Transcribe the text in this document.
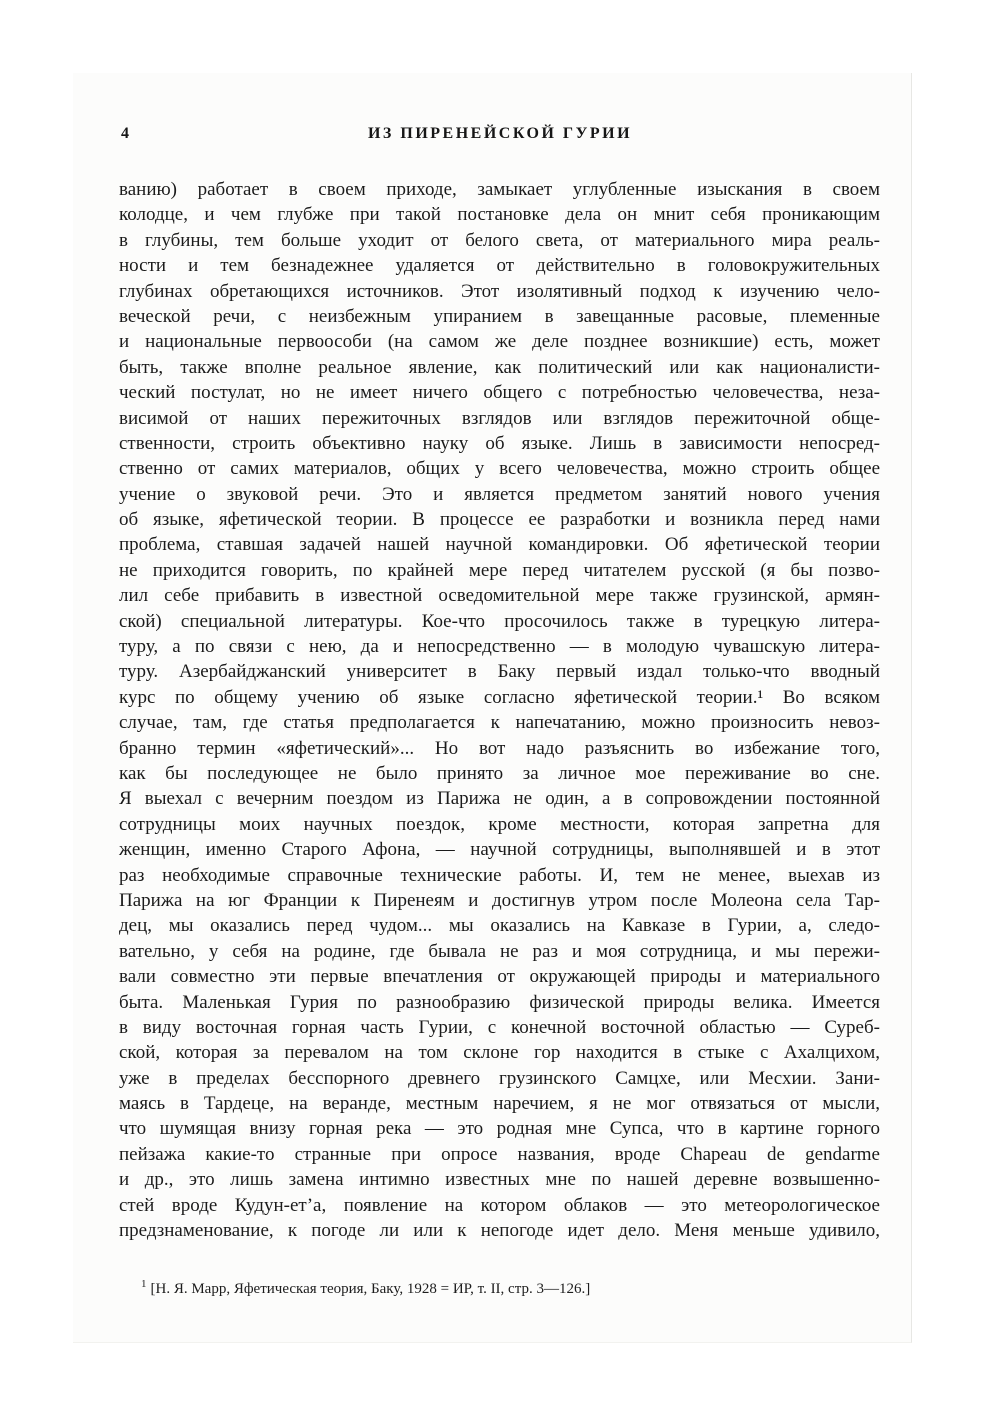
4	ИЗ ПИРЕНЕЙСКОЙ ГУРИИ
ванию) работает в своем приходе, замыкает углубленные изыскания в своем
колодце, и чем глубже при такой постановке дела он мнит себя проникающим
в глубины, тем больше уходит от белого света, от материального мира реаль-
ности и тем безнадежнее удаляется от действительно в головокружительных
глубинах обретающихся источников. Этот изолятивный подход к изучению чело-
веческой речи, с неизбежным упиранием в завещанные расовые, племенные
и национальные первоособи (на самом же деле позднее возникшие) есть, может
быть, также вполне реальное явление, как политический или как националисти-
ческий постулат, но не имеет ничего общего с потребностью человечества, неза-
висимой от наших пережиточных взглядов или взглядов пережиточной обще-
ственности, строить объективно науку об языке. Лишь в зависимости непосред-
ственно от самих материалов, общих у всего человечества, можно строить общее
учение о звуковой речи. Это и является предметом занятий нового учения
об языке, яфетической теории. В процессе ее разработки и возникла перед нами
проблема, ставшая задачей нашей научной командировки. Об яфетической теории
не приходится говорить, по крайней мере перед читателем русской (я бы позво-
лил себе прибавить в известной осведомительной мере также грузинской, армян-
ской) специальной литературы. Кое-что просочилось также в турецкую литера-
туру, а по связи с нею, да и непосредственно — в молодую чувашскую литера-
туру. Азербайджанский университет в Баку первый издал только-что вводный
курс по общему учению об языке согласно яфетической теории.¹ Во всяком
случае, там, где статья предполагается к напечатанию, можно произносить невоз-
бранно термин «яфетический»... Но вот надо разъяснить во избежание того,
как бы последующее не было принято за личное мое переживание во сне.
Я выехал с вечерним поездом из Парижа не один, а в сопровождении постоянной
сотрудницы моих научных поездок, кроме местности, которая запретна для
женщин, именно Старого Афона, — научной сотрудницы, выполнявшей и в этот
раз необходимые справочные технические работы. И, тем не менее, выехав из
Парижа на юг Франции к Пиренеям и достигнув утром после Молеона села Тар-
дец, мы оказались перед чудом... мы оказались на Кавказе в Гурии, а, следо-
вательно, у себя на родине, где бывала не раз и моя сотрудница, и мы пережи-
вали совместно эти первые впечатления от окружающей природы и материального
быта. Маленькая Гурия по разнообразию физической природы велика. Имеется
в виду восточная горная часть Гурии, с конечной восточной областью — Суреб-
ской, которая за перевалом на том склоне гор находится в стыке с Ахалцихом,
уже в пределах бесспорного древнего грузинского Самцхе, или Месхии. Зани-
маясь в Тардеце, на веранде, местным наречием, я не мог отвязаться от мысли,
что шумящая внизу горная река — это родная мне Супса, что в картине горного
пейзажа какие-то странные при опросе названия, вроде Chapeau de gendarme
и др., это лишь замена интимно известных мне по нашей деревне возвышенно-
стей вроде Кудун-ет’а, появление на котором облаков — это метеорологическое
предзнаменование, к погоде ли или к непогоде идет дело. Меня меньше удивило,
$^1$ [Н. Я. Марр, Яфетическая теория, Баку, 1928 = ИР, т. II, стр. 3—126.]
